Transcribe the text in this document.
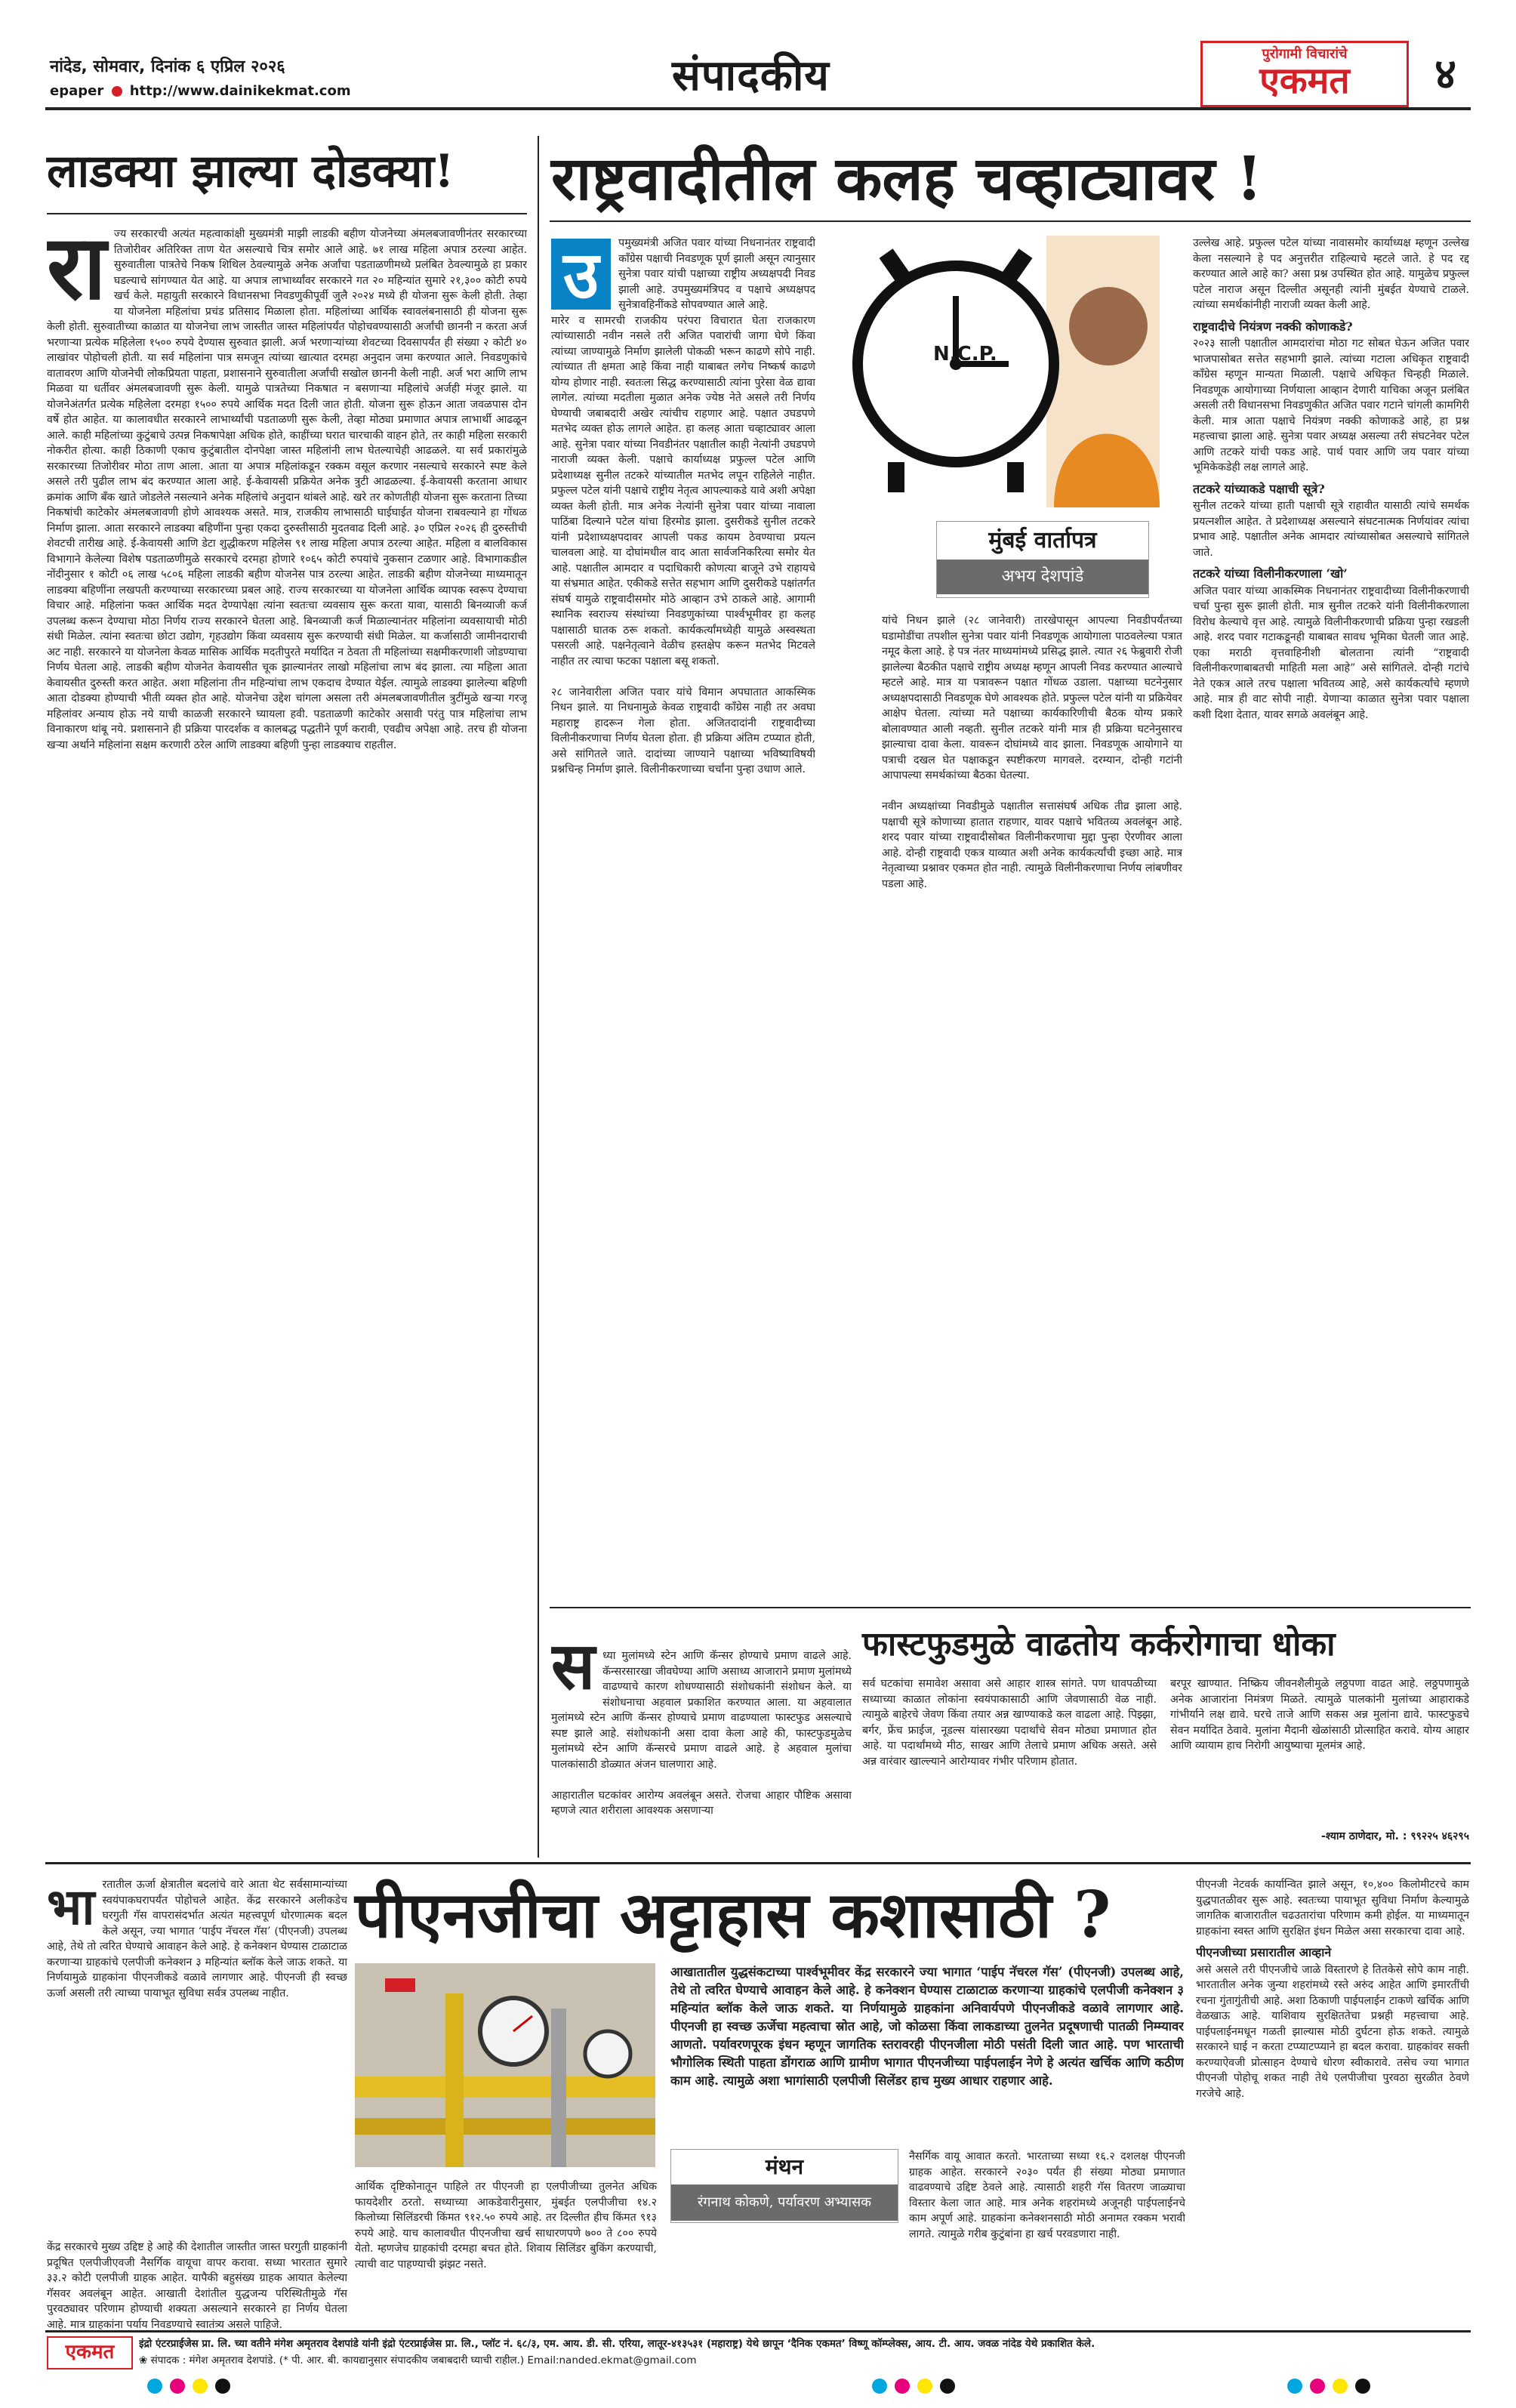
नांदेड, सोमवार, दिनांक ६ एप्रिल २०२६
epaper http://www.dainikekmat.com	संपादकीय	पुरोगामी विचारांचे
एकमत	४
लाडक्या झाल्या दोडक्या!
रा ज्य सरकारची अत्यंत महत्वाकांक्षी मुख्यमंत्री माझी लाडकी बहीण योजनेच्या अंमलबजावणीनंतर सरकारच्या तिजोरीवर अतिरिक्त ताण येत असल्याचे चित्र समोर आले आहे. ७१ लाख महिला अपात्र ठरल्या आहेत. सुरुवातीला पात्रतेचे निकष शिथिल ठेवल्यामुळे अनेक अर्जांचा पडताळणीमध्ये प्रलंबित ठेवल्यामुळे हा प्रकार घडल्याचे सांगण्यात येत आहे. या अपात्र लाभार्थ्यांवर सरकारने गत २० महिन्यांत सुमारे २१,३०० कोटी रुपये खर्च केले. महायुती सरकारने विधानसभा निवडणुकीपूर्वी जुलै २०२४ मध्ये ही योजना सुरू केली होती. तेव्हा या योजनेला महिलांचा प्रचंड प्रतिसाद मिळाला होता. महिलांच्या आर्थिक स्वावलंबनासाठी ही योजना सुरू केली होती. सुरुवातीच्या काळात या योजनेचा लाभ जास्तीत जास्त महिलांपर्यंत पोहोचवण्यासाठी अर्जांची छाननी न करता अर्ज भरणाऱ्या प्रत्येक महिलेला १५०० रुपये देण्यास सुरुवात झाली. अर्ज भरणाऱ्यांच्या शेवटच्या दिवसापर्यंत ही संख्या २ कोटी ४० लाखांवर पोहोचली होती. या सर्व महिलांना पात्र समजून त्यांच्या खात्यात दरमहा अनुदान जमा करण्यात आले. निवडणुकांचे वातावरण आणि योजनेची लोकप्रियता पाहता, प्रशासनाने सुरुवातीला अर्जांची सखोल छाननी केली नाही. अर्ज भरा आणि लाभ मिळवा या धर्तीवर अंमलबजावणी सुरू केली. यामुळे पात्रतेच्या निकषात न बसणाऱ्या महिलांचे अर्जही मंजूर झाले. या योजनेअंतर्गत प्रत्येक महिलेला दरमहा १५०० रुपये आर्थिक मदत दिली जात होती. योजना सुरू होऊन आता जवळपास दोन वर्षे होत आहेत. या कालावधीत सरकारने लाभार्थ्यांची पडताळणी सुरू केली, तेव्हा मोठ्या प्रमाणात अपात्र लाभार्थी आढळून आले. काही महिलांच्या कुटुंबाचे उत्पन्न निकषापेक्षा अधिक होते, काहींच्या घरात चारचाकी वाहन होते, तर काही महिला सरकारी नोकरीत होत्या. काही ठिकाणी एकाच कुटुंबातील दोनपेक्षा जास्त महिलांनी लाभ घेतल्याचेही आढळले. या सर्व प्रकारांमुळे सरकारच्या तिजोरीवर मोठा ताण आला. आता या अपात्र महिलांकडून रक्कम वसूल करणार नसल्याचे सरकारने स्पष्ट केले असले तरी पुढील लाभ बंद करण्यात आला आहे. ई-केवायसी प्रक्रियेत अनेक त्रुटी आढळल्या. ई-केवायसी करताना आधार क्रमांक आणि बँक खाते जोडलेले नसल्याने अनेक महिलांचे अनुदान थांबले आहे. खरे तर कोणतीही योजना सुरू करताना तिच्या निकषांची काटेकोर अंमलबजावणी होणे आवश्यक असते. मात्र, राजकीय लाभासाठी घाईघाईत योजना राबवल्याने हा गोंधळ निर्माण झाला. आता सरकारने लाडक्या बहिणींना पुन्हा एकदा दुरुस्तीसाठी मुदतवाढ दिली आहे. ३० एप्रिल २०२६ ही दुरुस्तीची शेवटची तारीख आहे. ई-केवायसी आणि डेटा शुद्धीकरण महिलेस ९१ लाख महिला अपात्र ठरल्या आहेत. महिला व बालविकास विभागाने केलेल्या विशेष पडताळणीमुळे सरकारचे दरमहा होणारे १०६५ कोटी रुपयांचे नुकसान टळणार आहे. विभागाकडील नोंदीनुसार १ कोटी ०६ लाख ५८०६ महिला लाडकी बहीण योजनेस पात्र ठरल्या आहेत. लाडकी बहीण योजनेच्या माध्यमातून लाडक्या बहिणींना लखपती करण्याच्या सरकारच्या प्रबल आहे. राज्य सरकारच्या या योजनेला आर्थिक व्यापक स्वरूप देण्याचा विचार आहे. महिलांना फक्त आर्थिक मदत देण्यापेक्षा त्यांना स्वतःचा व्यवसाय सुरू करता यावा, यासाठी बिनव्याजी कर्ज उपलब्ध करून देण्याचा मोठा निर्णय राज्य सरकारने घेतला आहे. बिनव्याजी कर्ज मिळाल्यानंतर महिलांना व्यवसायाची मोठी संधी मिळेल. त्यांना स्वतःचा छोटा उद्योग, गृहउद्योग किंवा व्यवसाय सुरू करण्याची संधी मिळेल. या कर्जासाठी जामीनदाराची अट नाही. सरकारने या योजनेला केवळ मासिक आर्थिक मदतीपुरते मर्यादित न ठेवता ती महिलांच्या सक्षमीकरणाशी जोडण्याचा निर्णय घेतला आहे. लाडकी बहीण योजनेत केवायसीत चूक झाल्यानंतर लाखो महिलांचा लाभ बंद झाला. त्या महिला आता केवायसीत दुरुस्ती करत आहेत. अशा महिलांना तीन महिन्यांचा लाभ एकदाच देण्यात येईल. त्यामुळे लाडक्या झालेल्या बहिणी आता दोडक्या होण्याची भीती व्यक्त होत आहे. योजनेचा उद्देश चांगला असला तरी अंमलबजावणीतील त्रुटींमुळे खऱ्या गरजू महिलांवर अन्याय होऊ नये याची काळजी सरकारने घ्यायला हवी. पडताळणी काटेकोर असावी परंतु पात्र महिलांचा लाभ विनाकारण थांबू नये. प्रशासनाने ही प्रक्रिया पारदर्शक व कालबद्ध पद्धतीने पूर्ण करावी, एवढीच अपेक्षा आहे. तरच ही योजना खऱ्या अर्थाने महिलांना सक्षम करणारी ठरेल आणि लाडक्या बहिणी पुन्हा लाडक्याच राहतील.
राष्ट्रवादीतील कलह चव्हाट्यावर !
उ	पमुख्यमंत्री अजित पवार यांच्या निधनानंतर राष्ट्रवादी काँग्रेस पक्षाची निवडणूक पूर्ण झाली असून त्यानुसार सुनेत्रा पवार यांची पक्षाच्या राष्ट्रीय अध्यक्षपदी निवड झाली आहे. उपमुख्यमंत्रिपद व पक्षाचे अध्यक्षपद सुनेत्रावहिनींकडे सोपवण्यात आले आहे.
मारेर व सामरची राजकीय परंपरा विचारात घेता राजकारण त्यांच्यासाठी नवीन नसले तरी अजित पवारांची जागा घेणे किंवा त्यांच्या जाण्यामुळे निर्माण झालेली पोकळी भरून काढणे सोपे नाही. त्यांच्यात ती क्षमता आहे किंवा नाही याबाबत लगेच निष्कर्ष काढणे योग्य होणार नाही. स्वतःला सिद्ध करण्यासाठी त्यांना पुरेसा वेळ द्यावा लागेल. त्यांच्या मदतीला मुळात अनेक ज्येष्ठ नेते असले तरी निर्णय घेण्याची जबाबदारी अखेर त्यांचीच राहणार आहे. पक्षात उघडपणे मतभेद व्यक्त होऊ लागले आहेत. हा कलह आता चव्हाट्यावर आला आहे. सुनेत्रा पवार यांच्या निवडीनंतर पक्षातील काही नेत्यांनी उघडपणे नाराजी व्यक्त केली. पक्षाचे कार्याध्यक्ष प्रफुल्ल पटेल आणि प्रदेशाध्यक्ष सुनील तटकरे यांच्यातील मतभेद लपून राहिलेले नाहीत. प्रफुल्ल पटेल यांनी पक्षाचे राष्ट्रीय नेतृत्व आपल्याकडे यावे अशी अपेक्षा व्यक्त केली होती. मात्र अनेक नेत्यांनी सुनेत्रा पवार यांच्या नावाला पाठिंबा दिल्याने पटेल यांचा हिरमोड झाला. दुसरीकडे सुनील तटकरे यांनी प्रदेशाध्यक्षपदावर आपली पकड कायम ठेवण्याचा प्रयत्न चालवला आहे. या दोघांमधील वाद आता सार्वजनिकरित्या समोर येत आहे. पक्षातील आमदार व पदाधिकारी कोणत्या बाजूने उभे राहायचे या संभ्रमात आहेत. एकीकडे सत्तेत सहभाग आणि दुसरीकडे पक्षांतर्गत संघर्ष यामुळे राष्ट्रवादीसमोर मोठे आव्हान उभे ठाकले आहे. आगामी स्थानिक स्वराज्य संस्थांच्या निवडणुकांच्या पार्श्वभूमीवर हा कलह पक्षासाठी घातक ठरू शकतो. कार्यकर्त्यांमध्येही यामुळे अस्वस्थता पसरली आहे. पक्षनेतृत्वाने वेळीच हस्तक्षेप करून मतभेद मिटवले नाहीत तर त्याचा फटका पक्षाला बसू शकतो.

२८ जानेवारीला अजित पवार यांचे विमान अपघातात आकस्मिक निधन झाले. या निधनामुळे केवळ राष्ट्रवादी काँग्रेस नाही तर अवघा महाराष्ट्र हादरून गेला होता. अजितदादांनी राष्ट्रवादीच्या विलीनीकरणाचा निर्णय घेतला होता. ही प्रक्रिया अंतिम टप्प्यात होती, असे सांगितले जाते. दादांच्या जाण्याने पक्षाच्या भविष्याविषयी प्रश्नचिन्ह निर्माण झाले. विलीनीकरणाच्या चर्चांना पुन्हा उधाण आले.
N.C.P.
मुंबई वार्तापत्र
अभय देशपांडे
यांचे निधन झाले (२८ जानेवारी) तारखेपासून आपल्या निवडीपर्यंतच्या घडामोडींचा तपशील सुनेत्रा पवार यांनी निवडणूक आयोगाला पाठवलेल्या पत्रात नमूद केला आहे. हे पत्र नंतर माध्यमांमध्ये प्रसिद्ध झाले. त्यात २६ फेब्रुवारी रोजी झालेल्या बैठकीत पक्षाचे राष्ट्रीय अध्यक्ष म्हणून आपली निवड करण्यात आल्याचे म्हटले आहे. मात्र या पत्रावरून पक्षात गोंधळ उडाला. पक्षाच्या घटनेनुसार अध्यक्षपदासाठी निवडणूक घेणे आवश्यक होते. प्रफुल्ल पटेल यांनी या प्रक्रियेवर आक्षेप घेतला. त्यांच्या मते पक्षाच्या कार्यकारिणीची बैठक योग्य प्रकारे बोलावण्यात आली नव्हती. सुनील तटकरे यांनी मात्र ही प्रक्रिया घटनेनुसारच झाल्याचा दावा केला. यावरून दोघांमध्ये वाद झाला. निवडणूक आयोगाने या पत्राची दखल घेत पक्षाकडून स्पष्टीकरण मागवले. दरम्यान, दोन्ही गटांनी आपापल्या समर्थकांच्या बैठका घेतल्या.

नवीन अध्यक्षांच्या निवडीमुळे पक्षातील सत्तासंघर्ष अधिक तीव्र झाला आहे. पक्षाची सूत्रे कोणाच्या हातात राहणार, यावर पक्षाचे भवितव्य अवलंबून आहे. शरद पवार यांच्या राष्ट्रवादीसोबत विलीनीकरणाचा मुद्दा पुन्हा ऐरणीवर आला आहे. दोन्ही राष्ट्रवादी एकत्र याव्यात अशी अनेक कार्यकर्त्यांची इच्छा आहे. मात्र नेतृत्वाच्या प्रश्नावर एकमत होत नाही. त्यामुळे विलीनीकरणाचा निर्णय लांबणीवर पडला आहे.
उल्लेख आहे. प्रफुल्ल पटेल यांच्या नावासमोर कार्याध्यक्ष म्हणून उल्लेख केला नसल्याने हे पद अनुत्तरीत राहिल्याचे म्हटले जाते. हे पद रद्द करण्यात आले आहे का? असा प्रश्न उपस्थित होत आहे. यामुळेच प्रफुल्ल पटेल नाराज असून दिल्लीत असूनही त्यांनी मुंबईत येण्याचे टाळले. त्यांच्या समर्थकांनीही नाराजी व्यक्त केली आहे.
राष्ट्रवादीचे नियंत्रण नक्की कोणाकडे?
२०२३ साली पक्षातील आमदारांचा मोठा गट सोबत घेऊन अजित पवार भाजपासोबत सत्तेत सहभागी झाले. त्यांच्या गटाला अधिकृत राष्ट्रवादी काँग्रेस म्हणून मान्यता मिळाली. पक्षाचे अधिकृत चिन्हही मिळाले. निवडणूक आयोगाच्या निर्णयाला आव्हान देणारी याचिका अजून प्रलंबित असली तरी विधानसभा निवडणुकीत अजित पवार गटाने चांगली कामगिरी केली. मात्र आता पक्षाचे नियंत्रण नक्की कोणाकडे आहे, हा प्रश्न महत्त्वाचा झाला आहे. सुनेत्रा पवार अध्यक्ष असल्या तरी संघटनेवर पटेल आणि तटकरे यांची पकड आहे. पार्थ पवार आणि जय पवार यांच्या भूमिकेकडेही लक्ष लागले आहे.
तटकरे यांच्याकडे पक्षाची सूत्रे?
सुनील तटकरे यांच्या हाती पक्षाची सूत्रे राहावीत यासाठी त्यांचे समर्थक प्रयत्नशील आहेत. ते प्रदेशाध्यक्ष असल्याने संघटनात्मक निर्णयांवर त्यांचा प्रभाव आहे. पक्षातील अनेक आमदार त्यांच्यासोबत असल्याचे सांगितले जाते.
तटकरे यांच्या विलीनीकरणाला ‘खो’
अजित पवार यांच्या आकस्मिक निधनानंतर राष्ट्रवादीच्या विलीनीकरणाची चर्चा पुन्हा सुरू झाली होती. मात्र सुनील तटकरे यांनी विलीनीकरणाला विरोध केल्याचे वृत्त आहे. त्यामुळे विलीनीकरणाची प्रक्रिया पुन्हा रखडली आहे. शरद पवार गटाकडूनही याबाबत सावध भूमिका घेतली जात आहे. एका मराठी वृत्तवाहिनीशी बोलताना त्यांनी “राष्ट्रवादी विलीनीकरणाबाबतची माहिती मला आहे” असे सांगितले. दोन्ही गटांचे नेते एकत्र आले तरच पक्षाला भवितव्य आहे, असे कार्यकर्त्यांचे म्हणणे आहे. मात्र ही वाट सोपी नाही. येणाऱ्या काळात सुनेत्रा पवार पक्षाला कशी दिशा देतात, यावर सगळे अवलंबून आहे.

स ध्या मुलांमध्ये स्टेन आणि कॅन्सर होण्याचे प्रमाण वाढले आहे. कॅन्सरसारखा जीवघेण्या आणि असाध्य आजाराने प्रमाण मुलांमध्ये वाढण्याचे कारण शोधण्यासाठी संशोधकांनी संशोधन केले. या संशोधनाचा अहवाल प्रकाशित करण्यात आला. या अहवालात मुलांमध्ये स्टेन आणि कॅन्सर होण्याचे प्रमाण वाढण्याला फास्टफुड असल्याचे स्पष्ट झाले आहे. संशोधकांनी असा दावा केला आहे की, फास्टफुडमुळेच मुलांमध्ये स्टेन आणि कॅन्सरचे प्रमाण वाढले आहे. हे अहवाल मुलांचा पालकांसाठी डोळ्यात अंजन घालणारा आहे.

आहारातील घटकांवर आरोग्य अवलंबून असते. रोजचा आहार पौष्टिक असावा म्हणजे त्यात शरीराला आवश्यक असणाऱ्या

फास्टफुडमुळे वाढतोय कर्करोगाचा धोका
सर्व घटकांचा समावेश असावा असे आहार शास्त्र सांगते. पण धावपळीच्या सध्याच्या काळात लोकांना स्वयंपाकासाठी आणि जेवणासाठी वेळ नाही. त्यामुळे बाहेरचे जेवण किंवा तयार अन्न खाण्याकडे कल वाढला आहे. पिझ्झा, बर्गर, फ्रेंच फ्राईज, नूडल्स यांसारख्या पदार्थांचे सेवन मोठ्या प्रमाणात होत आहे. या पदार्थांमध्ये मीठ, साखर आणि तेलाचे प्रमाण अधिक असते. असे अन्न वारंवार खाल्ल्याने आरोग्यावर गंभीर परिणाम होतात.
बरपूर खाण्यात. निष्क्रिय जीवनशैलीमुळे लठ्ठपणा वाढत आहे. लठ्ठपणामुळे अनेक आजारांना निमंत्रण मिळते. त्यामुळे पालकांनी मुलांच्या आहाराकडे गांभीर्याने लक्ष द्यावे. घरचे ताजे आणि सकस अन्न मुलांना द्यावे. फास्टफुडचे सेवन मर्यादित ठेवावे. मुलांना मैदानी खेळांसाठी प्रोत्साहित करावे. योग्य आहार आणि व्यायाम हाच निरोगी आयुष्याचा मूलमंत्र आहे.
-श्याम ठाणेदार, मो. : ९९२२५ ४६२९५
भा रतातील ऊर्जा क्षेत्रातील बदलांचे वारे आता थेट सर्वसामान्यांच्या स्वयंपाकघरापर्यंत पोहोचले आहेत. केंद्र सरकारने अलीकडेच घरगुती गॅस वापरासंदर्भात अत्यंत महत्त्वपूर्ण धोरणात्मक बदल केले असून, ज्या भागात ‘पाईप नॅचरल गॅस’ (पीएनजी) उपलब्ध आहे, तेथे तो त्वरित घेण्याचे आवाहन केले आहे. हे कनेक्शन घेण्यास टाळाटाळ करणाऱ्या ग्राहकांचे एलपीजी कनेक्शन ३ महिन्यांत ब्लॉक केले जाऊ शकते. या निर्णयामुळे ग्राहकांना पीएनजीकडे वळावे लागणार आहे. पीएनजी ही स्वच्छ ऊर्जा असली तरी त्याच्या पायाभूत सुविधा सर्वत्र उपलब्ध नाहीत.
पीएनजीचा अट्टाहास कशासाठी ?
केंद्र सरकारचे मुख्य उद्दिष्ट हे आहे की देशातील जास्तीत जास्त घरगुती ग्राहकांनी प्रदूषित एलपीजीएवजी नैसर्गिक वायूचा वापर करावा. सध्या भारतात सुमारे ३३.२ कोटी एलपीजी ग्राहक आहेत. यापैकी बहुसंख्य ग्राहक आयात केलेल्या गॅसवर अवलंबून आहेत. आखाती देशांतील युद्धजन्य परिस्थितीमुळे गॅस पुरवठ्यावर परिणाम होण्याची शक्यता असल्याने सरकारने हा निर्णय घेतला आहे. मात्र ग्राहकांना पर्याय निवडण्याचे स्वातंत्र्य असले पाहिजे.
आखातातील युद्धसंकटाच्या पार्श्वभूमीवर केंद्र सरकारने ज्या भागात ‘पाईप नॅचरल गॅस’ (पीएनजी) उपलब्ध आहे, तेथे तो त्वरित घेण्याचे आवाहन केले आहे. हे कनेक्शन घेण्यास टाळाटाळ करणाऱ्या ग्राहकांचे एलपीजी कनेक्शन ३ महिन्यांत ब्लॉक केले जाऊ शकते. या निर्णयामुळे ग्राहकांना अनिवार्यपणे पीएनजीकडे वळावे लागणार आहे. पीएनजी हा स्वच्छ ऊर्जेचा महत्वाचा स्रोत आहे, जो कोळसा किंवा लाकडाच्या तुलनेत प्रदूषणाची पातळी निम्म्यावर आणतो. पर्यावरणपूरक इंधन म्हणून जागतिक स्तरावरही पीएनजीला मोठी पसंती दिली जात आहे. पण भारताची भौगोलिक स्थिती पाहता डोंगराळ आणि ग्रामीण भागात पीएनजीच्या पाईपलाईन नेणे हे अत्यंत खर्चिक आणि कठीण काम आहे. त्यामुळे अशा भागांसाठी एलपीजी सिलेंडर हाच मुख्य आधार राहणार आहे.
आर्थिक दृष्टिकोनातून पाहिले तर पीएनजी हा एलपीजीच्या तुलनेत अधिक फायदेशीर ठरतो. सध्याच्या आकडेवारीनुसार, मुंबईत एलपीजीचा १४.२ किलोच्या सिलिंडरची किंमत ९१२.५० रुपये आहे. तर दिल्लीत हीच किंमत ९१३ रुपये आहे. याच कालावधीत पीएनजीचा खर्च साधारणपणे ७०० ते ८०० रुपये येतो. म्हणजेच ग्राहकांची दरमहा बचत होते. शिवाय सिलिंडर बुकिंग करण्याची, त्याची वाट पाहण्याची झंझट नसते.
मंथन
रंगनाथ कोकणे, पर्यावरण अभ्यासक
नैसर्गिक वायू आवात करतो. भारताच्या सध्या १६.२ दशलक्ष पीएनजी ग्राहक आहेत. सरकारने २०३० पर्यंत ही संख्या मोठ्या प्रमाणात वाढवण्याचे उद्दिष्ट ठेवले आहे. त्यासाठी शहरी गॅस वितरण जाळ्याचा विस्तार केला जात आहे. मात्र अनेक शहरांमध्ये अजूनही पाईपलाईनचे काम अपूर्ण आहे. ग्राहकांना कनेक्शनसाठी मोठी अनामत रक्कम भरावी लागते. त्यामुळे गरीब कुटुंबांना हा खर्च परवडणारा नाही.
पीएनजी नेटवर्क कार्यान्वित झाले असून, १०,४०० किलोमीटरचे काम युद्धपातळीवर सुरू आहे. स्वतःच्या पायाभूत सुविधा निर्माण केल्यामुळे जागतिक बाजारातील चढउतारांचा परिणाम कमी होईल. या माध्यमातून ग्राहकांना स्वस्त आणि सुरक्षित इंधन मिळेल असा सरकारचा दावा आहे.
पीएनजीच्या प्रसारातील आव्हाने
असे असले तरी पीएनजीचे जाळे विस्तारणे हे तितकेसे सोपे काम नाही. भारतातील अनेक जुन्या शहरांमध्ये रस्ते अरुंद आहेत आणि इमारतींची रचना गुंतागुंतीची आहे. अशा ठिकाणी पाईपलाईन टाकणे खर्चिक आणि वेळखाऊ आहे. याशिवाय सुरक्षिततेचा प्रश्नही महत्त्वाचा आहे. पाईपलाईनमधून गळती झाल्यास मोठी दुर्घटना होऊ शकते. त्यामुळे सरकारने घाई न करता टप्प्याटप्प्याने हा बदल करावा. ग्राहकांवर सक्ती करण्याऐवजी प्रोत्साहन देण्याचे धोरण स्वीकारावे. तसेच ज्या भागात पीएनजी पोहोचू शकत नाही तेथे एलपीजीचा पुरवठा सुरळीत ठेवणे गरजेचे आहे.
एकमत	इंद्रो एंटरप्राईजेस प्रा. लि. च्या वतीने मंगेश अमृतराव देशपांडे यांनी इंद्रो एंटरप्राईजेस प्रा. लि., प्लॉट नं. ६८/३, एम. आय. डी. सी. एरिया, लातूर-४१३५३१ (महाराष्ट्र) येथे छापून ‘दैनिक एकमत’ विष्णू कॉम्प्लेक्स, आय. टी. आय. जवळ नांदेड येथे प्रकाशित केले.
❀ संपादक : मंगेश अमृतराव देशपांडे. (* पी. आर. बी. कायद्यानुसार संपादकीय जबाबदारी घ्याची राहील.) Email:nanded.ekmat@gmail.com
